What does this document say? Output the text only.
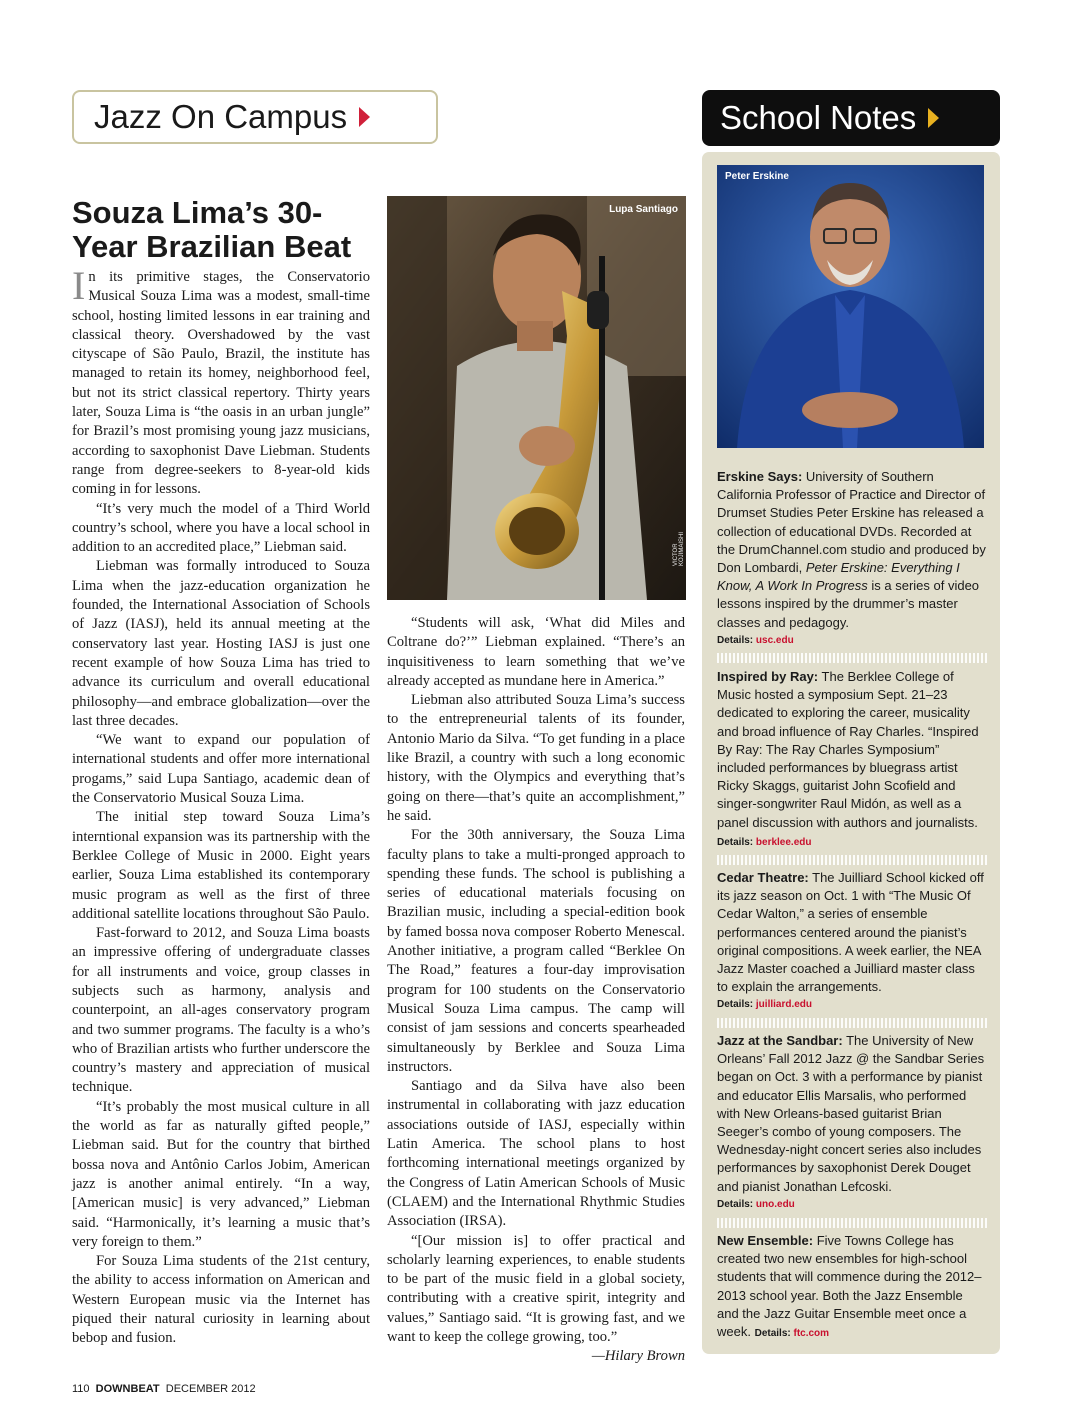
Jazz On Campus	School Notes
Souza Lima’s 30-Year Brazilian Beat

In its primitive stages, the Conservatorio Musical Souza Lima was a modest, small-time school, hosting limited lessons in ear training and classical theory. Overshadowed by the vast cityscape of São Paulo, Brazil, the institute has managed to retain its homey, neighborhood feel, but not its strict classical repertory. Thirty years later, Souza Lima is “the oasis in an urban jungle” for Brazil’s most promising young jazz musicians, according to saxophonist Dave Liebman. Students range from degree-seekers to 8-year-old kids coming in for lessons.

“It’s very much the model of a Third World country’s school, where you have a local school in addition to an accredited place,” Liebman said.

Liebman was formally introduced to Souza Lima when the jazz-education organization he founded, the International Association of Schools of Jazz (IASJ), held its annual meeting at the conservatory last year. Hosting IASJ is just one recent example of how Souza Lima has tried to advance its curriculum and overall educational philosophy—and embrace globalization—over the last three decades.

“We want to expand our population of international students and offer more international progams,” said Lupa Santiago, academic dean of the Conservatorio Musical Souza Lima.

The initial step toward Souza Lima’s interntional expansion was its partnership with the Berklee College of Music in 2000. Eight years earlier, Souza Lima established its contemporary music program as well as the first of three additional satellite locations throughout São Paulo.

Fast-forward to 2012, and Souza Lima boasts an impressive offering of undergraduate classes for all instruments and voice, group classes in subjects such as harmony, analysis and counterpoint, an all-ages conservatory program and two summer programs. The faculty is a who’s who of Brazilian artists who further underscore the country’s mastery and appreciation of musical technique.

“It’s probably the most musical culture in all the world as far as naturally gifted people,” Liebman said. But for the country that birthed bossa nova and Antônio Carlos Jobim, American jazz is another animal entirely. “In a way, [American music] is very advanced,” Liebman said. “Harmonically, it’s learning a music that’s very foreign to them.”

For Souza Lima students of the 21st century, the ability to access information on American and Western European music via the Internet has piqued their natural curiosity in learning about bebop and fusion.

Lupa Santiago
VICTOR KOJIMAISHI

“Students will ask, ‘What did Miles and Coltrane do?’” Liebman explained. “There’s an inquisitiveness to learn something that we’ve already accepted as mundane here in America.”

Liebman also attributed Souza Lima’s success to the entrepreneurial talents of its founder, Antonio Mario da Silva. “To get funding in a place like Brazil, a country with such a long economic history, with the Olympics and everything that’s going on there—that’s quite an accomplishment,” he said.

For the 30th anniversary, the Souza Lima faculty plans to take a multi-pronged approach to spending these funds. The school is publishing a series of educational materials focusing on Brazilian music, including a special-edition book by famed bossa nova composer Roberto Menescal. Another initiative, a program called “Berklee On The Road,” features a four-day improvisation program for 100 students on the Conservatorio Musical Souza Lima campus. The camp will consist of jam sessions and concerts spearheaded simultaneously by Berklee and Souza Lima instructors.

Santiago and da Silva have also been instrumental in collaborating with jazz education associations outside of IASJ, especially within Latin America. The school plans to host forthcoming international meetings organized by the Congress of Latin American Schools of Music (CLAEM) and the International Rhythmic Studies Association (IRSA).

“[Our mission is] to offer practical and scholarly learning experiences, to enable students to be part of the music field in a global society, contributing with a creative spirit, integrity and values,” Santiago said. “It is growing fast, and we want to keep the college growing, too.”

—Hilary Brown

Peter Erskine
Erskine Says: University of Southern California Professor of Practice and Director of Drumset Studies Peter Erskine has released a collection of educational DVDs. Recorded at the DrumChannel.com studio and produced by Don Lombardi, Peter Erskine: Everything I Know, A Work In Progress is a series of video lessons inspired by the drummer’s master classes and pedagogy.
Details: usc.edu
Inspired by Ray: The Berklee College of Music hosted a symposium Sept. 21–23 dedicated to exploring the career, musicality and broad influence of Ray Charles. “Inspired By Ray: The Ray Charles Symposium” included performances by bluegrass artist Ricky Skaggs, guitarist John Scofield and singer-songwriter Raul Midón, as well as a panel discussion with authors and journalists. Details: berklee.edu
Cedar Theatre: The Juilliard School kicked off its jazz season on Oct. 1 with “The Music Of Cedar Walton,” a series of ensemble performances centered around the pianist’s original compositions. A week earlier, the NEA Jazz Master coached a Juilliard master class to explain the arrangements.
Details: juilliard.edu
Jazz at the Sandbar: The University of New Orleans’ Fall 2012 Jazz @ the Sandbar Series began on Oct. 3 with a performance by pianist and educator Ellis Marsalis, who performed with New Orleans-based guitarist Brian Seeger’s combo of young composers. The Wednesday-night concert series also includes performances by saxophonist Derek Douget and pianist Jonathan Lefcoski.
Details: uno.edu
New Ensemble: Five Towns College has created two new ensembles for high-school students that will commence during the 2012–2013 school year. Both the Jazz Ensemble and the Jazz Guitar Ensemble meet once a week. Details: ftc.com
110 DOWNBEAT DECEMBER 2012
